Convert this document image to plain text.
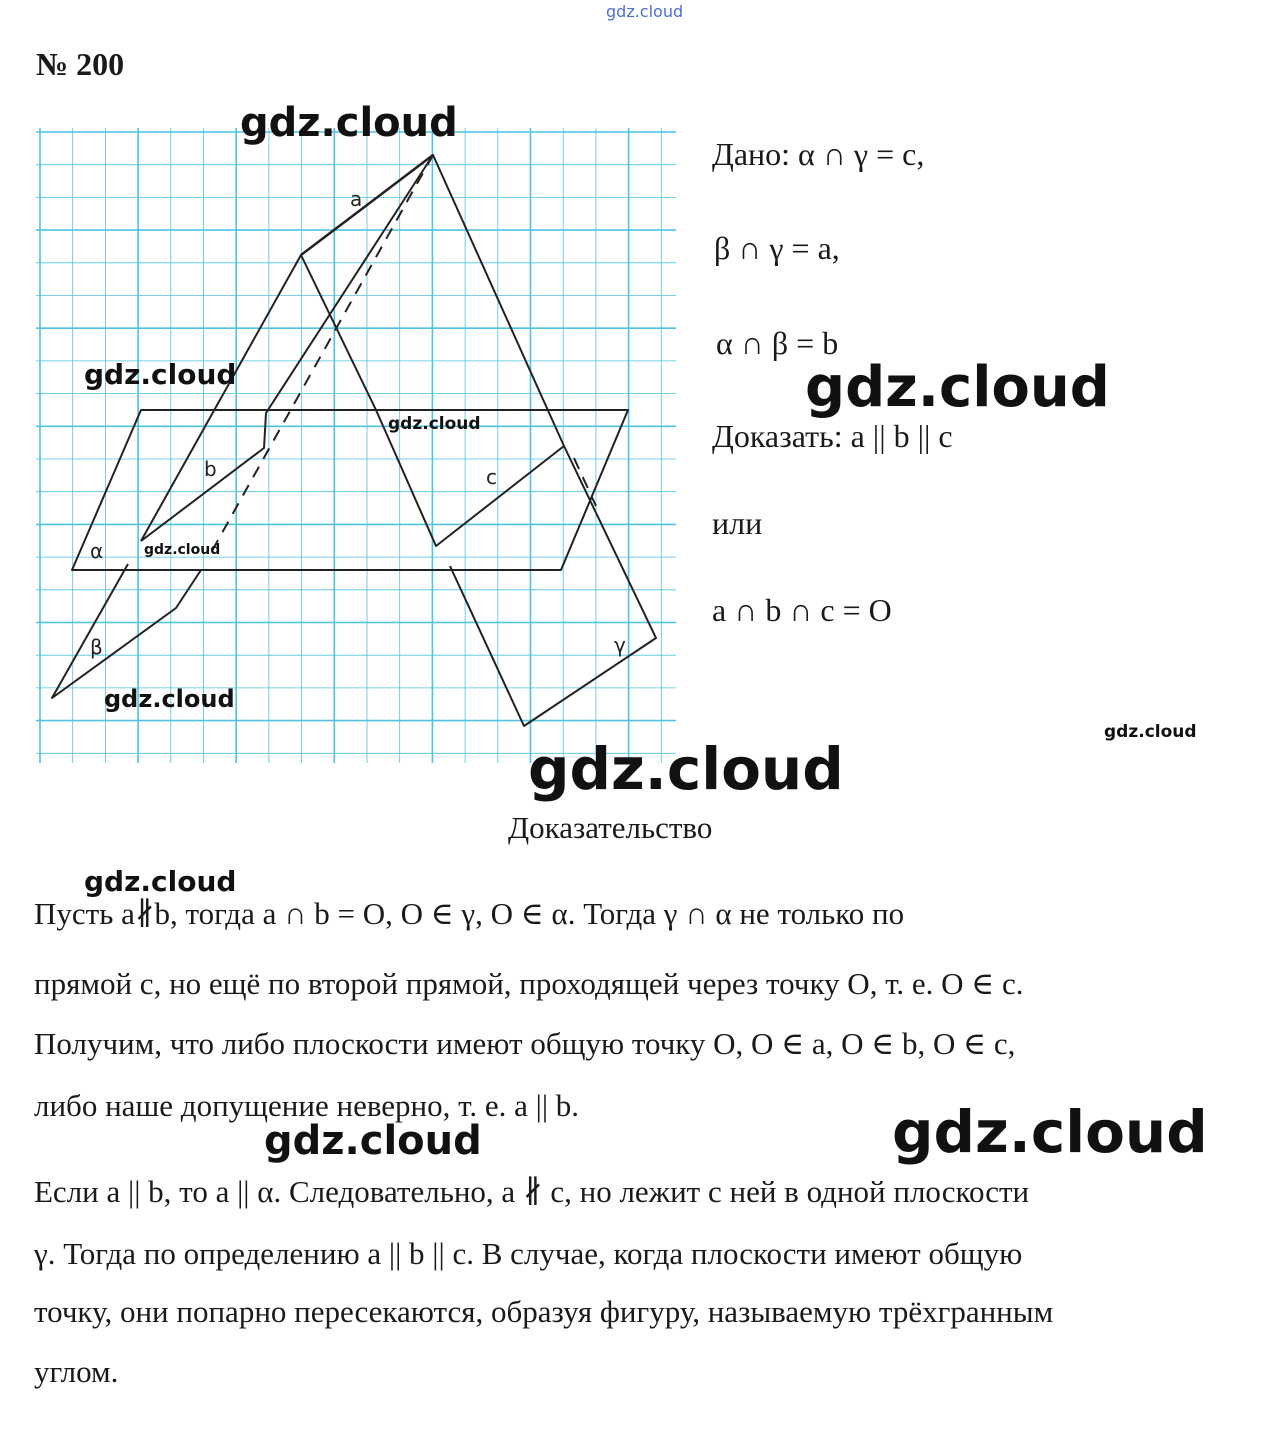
gdz.cloud
№ 200
a
b	c
α
β	γ
Дано: α ∩ γ = c,
β ∩ γ = a,
α ∩ β = b
Доказать: a || b || c
или
a ∩ b ∩ c = O
Доказательство
Пусть a∦b, тогда a ∩ b = O, O ∈ γ, O ∈ α. Тогда γ ∩ α не только по
прямой c, но ещё по второй прямой, проходящей через точку O, т. е. O ∈ c.
Получим, что либо плоскости имеют общую точку O, O ∈ a, O ∈ b, O ∈ c,
либо наше допущение неверно, т. е. a || b.
Если a || b, то a || α. Следовательно, a ∦ c, но лежит с ней в одной плоскости
γ. Тогда по определению a || b || c. В случае, когда плоскости имеют общую
точку, они попарно пересекаются, образуя фигуру, называемую трёхгранным
углом.
gdz.cloud
gdz.cloud	gdz.cloud
gdz.cloud
gdz.cloud
gdz.cloud
gdz.cloud
gdz.cloud
gdz.cloud
gdz.cloud	gdz.cloud
